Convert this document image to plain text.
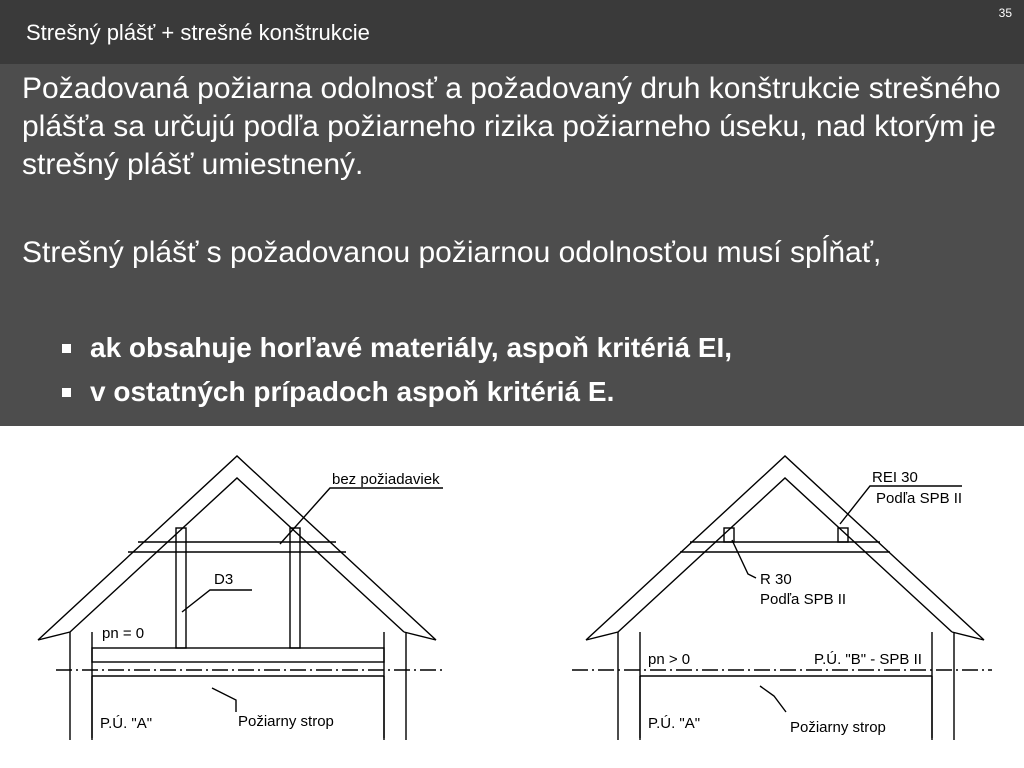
Strešný plášť + strešné konštrukcie
35

Požadovaná požiarna odolnosť a požadovaný druh konštrukcie strešného plášťa sa určujú podľa požiarneho rizika požiarneho úseku, nad ktorým je strešný plášť umiestnený.

Strešný plášť s požadovanou požiarnou odolnosťou musí spĺňať,

ak obsahuje horľavé materiály, aspoň kritériá EI,
v ostatných prípadoch aspoň kritériá E.
bez požiadaviek
D3
pn = 0
P.Ú. "A"	Požiarny strop
REI 30
Podľa SPB II
R 30
Podľa SPB II
pn > 0	P.Ú. "B" - SPB II
P.Ú. "A"	Požiarny strop
